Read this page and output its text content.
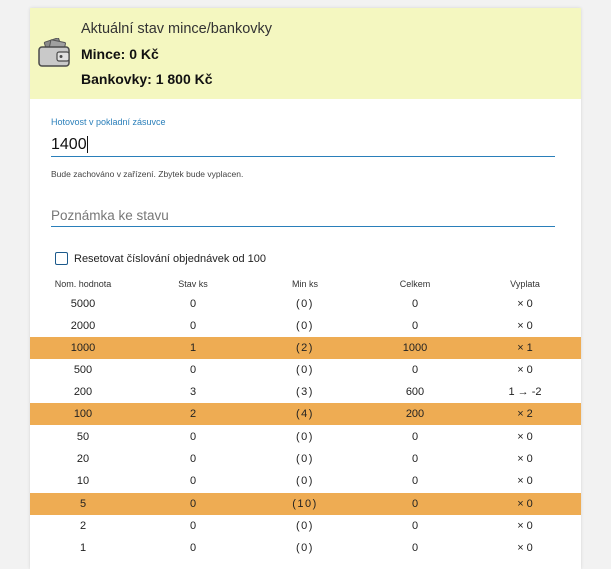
Aktuální stav mince/bankovky
Mince: 0 Kč
Bankovky: 1 800 Kč
Hotovost v pokladní zásuvce
1400
Bude zachováno v zařízení. Zbytek bude vyplacen.
Poznámka ke stavu
Resetovat číslování objednávek od 100
Nom. hodnota	Stav ks	Min ks	Celkem	Vyplata
5000	0	(0)	0	× 0
2000	0	(0)	0	× 0
1000	1	(2)	1000	× 1
500	0	(0)	0	× 0
200	3	(3)	600	1 → -2
100	2	(4)	200	× 2
50	0	(0)	0	× 0
20	0	(0)	0	× 0
10	0	(0)	0	× 0
5	0	(10)	0	× 0
2	0	(0)	0	× 0
1	0	(0)	0	× 0
